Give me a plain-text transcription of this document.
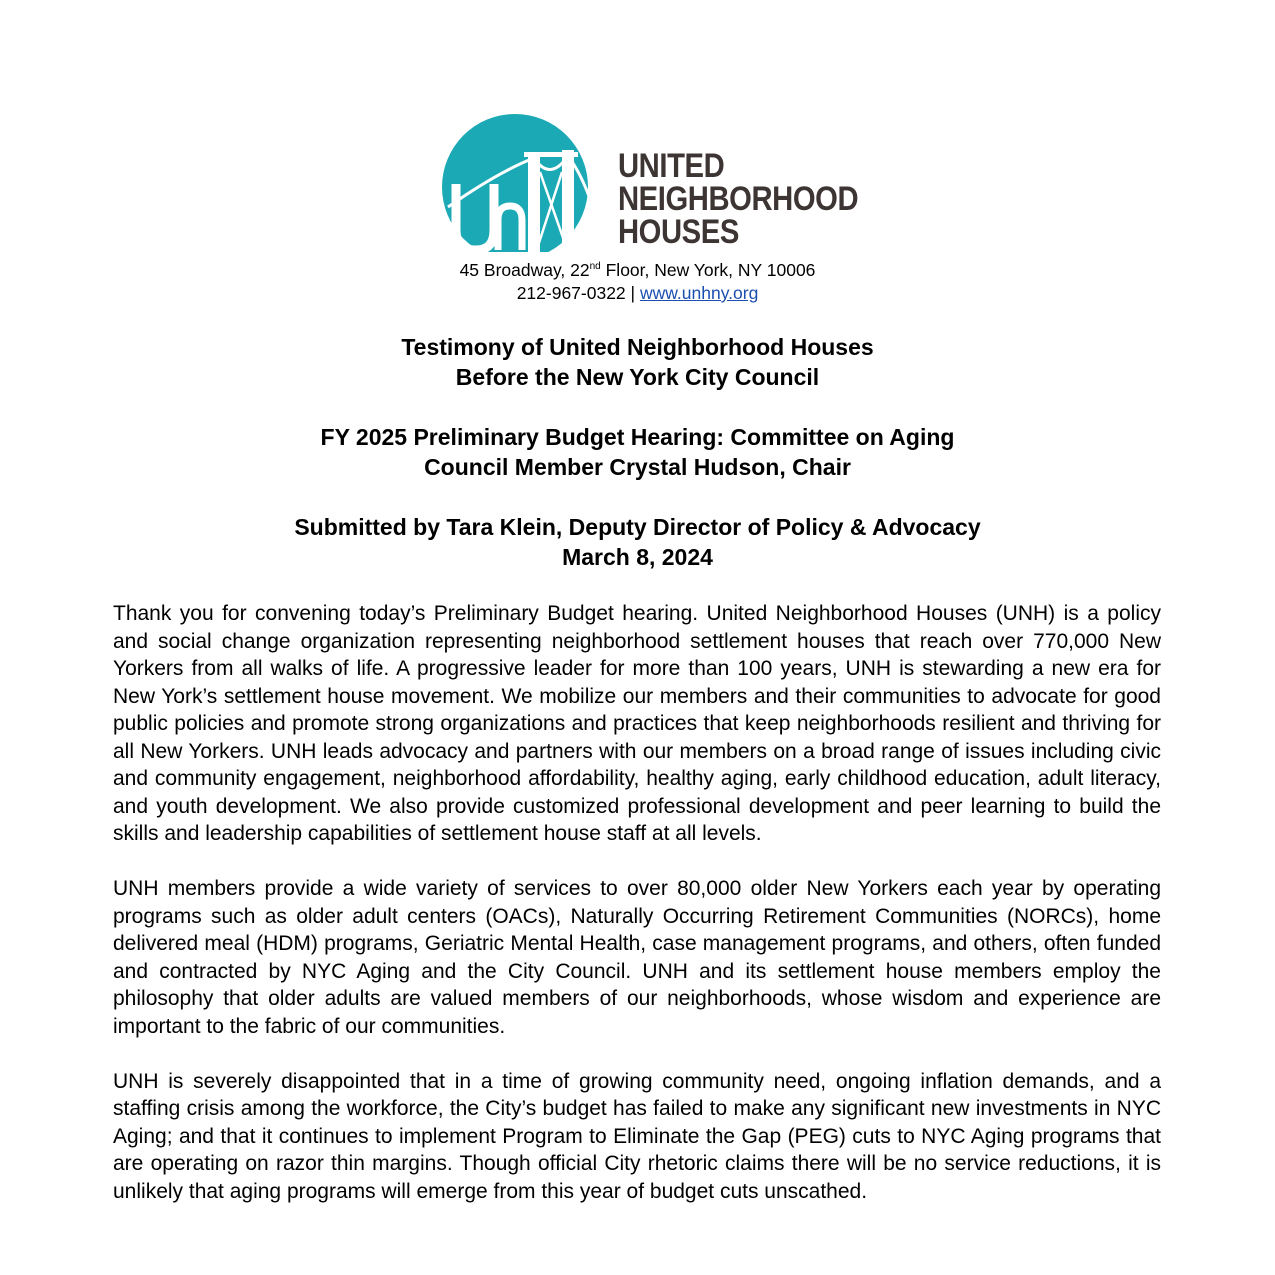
UNITED
NEIGHBORHOOD
HOUSES
45 Broadway, 22nd Floor, New York, NY 10006
212-967-0322 | www.unhny.org
Testimony of United Neighborhood Houses
Before the New York City Council
FY 2025 Preliminary Budget Hearing: Committee on Aging
Council Member Crystal Hudson, Chair
Submitted by Tara Klein, Deputy Director of Policy & Advocacy
March 8, 2024

Thank you for convening today’s Preliminary Budget hearing. United Neighborhood Houses (UNH) is a policy and social change organization representing neighborhood settlement houses that reach over 770,000 New Yorkers from all walks of life. A progressive leader for more than 100 years, UNH is stewarding a new era for New York’s settlement house movement. We mobilize our members and their communities to advocate for good public policies and promote strong organizations and practices that keep neighborhoods resilient and thriving for all New Yorkers. UNH leads advocacy and partners with our members on a broad range of issues including civic and community engagement, neighborhood affordability, healthy aging, early childhood education, adult literacy, and youth development. We also provide customized professional development and peer learning to build the skills and leadership capabilities of settlement house staff at all levels.

UNH members provide a wide variety of services to over 80,000 older New Yorkers each year by operating programs such as older adult centers (OACs), Naturally Occurring Retirement Communities (NORCs), home delivered meal (HDM) programs, Geriatric Mental Health, case management programs, and others, often funded and contracted by NYC Aging and the City Council. UNH and its settlement house members employ the philosophy that older adults are valued members of our neighborhoods, whose wisdom and experience are important to the fabric of our communities.

UNH is severely disappointed that in a time of growing community need, ongoing inflation demands, and a staffing crisis among the workforce, the City’s budget has failed to make any significant new investments in NYC Aging; and that it continues to implement Program to Eliminate the Gap (PEG) cuts to NYC Aging programs that are operating on razor thin margins. Though official City rhetoric claims there will be no service reductions, it is unlikely that aging programs will emerge from this year of budget cuts unscathed.
